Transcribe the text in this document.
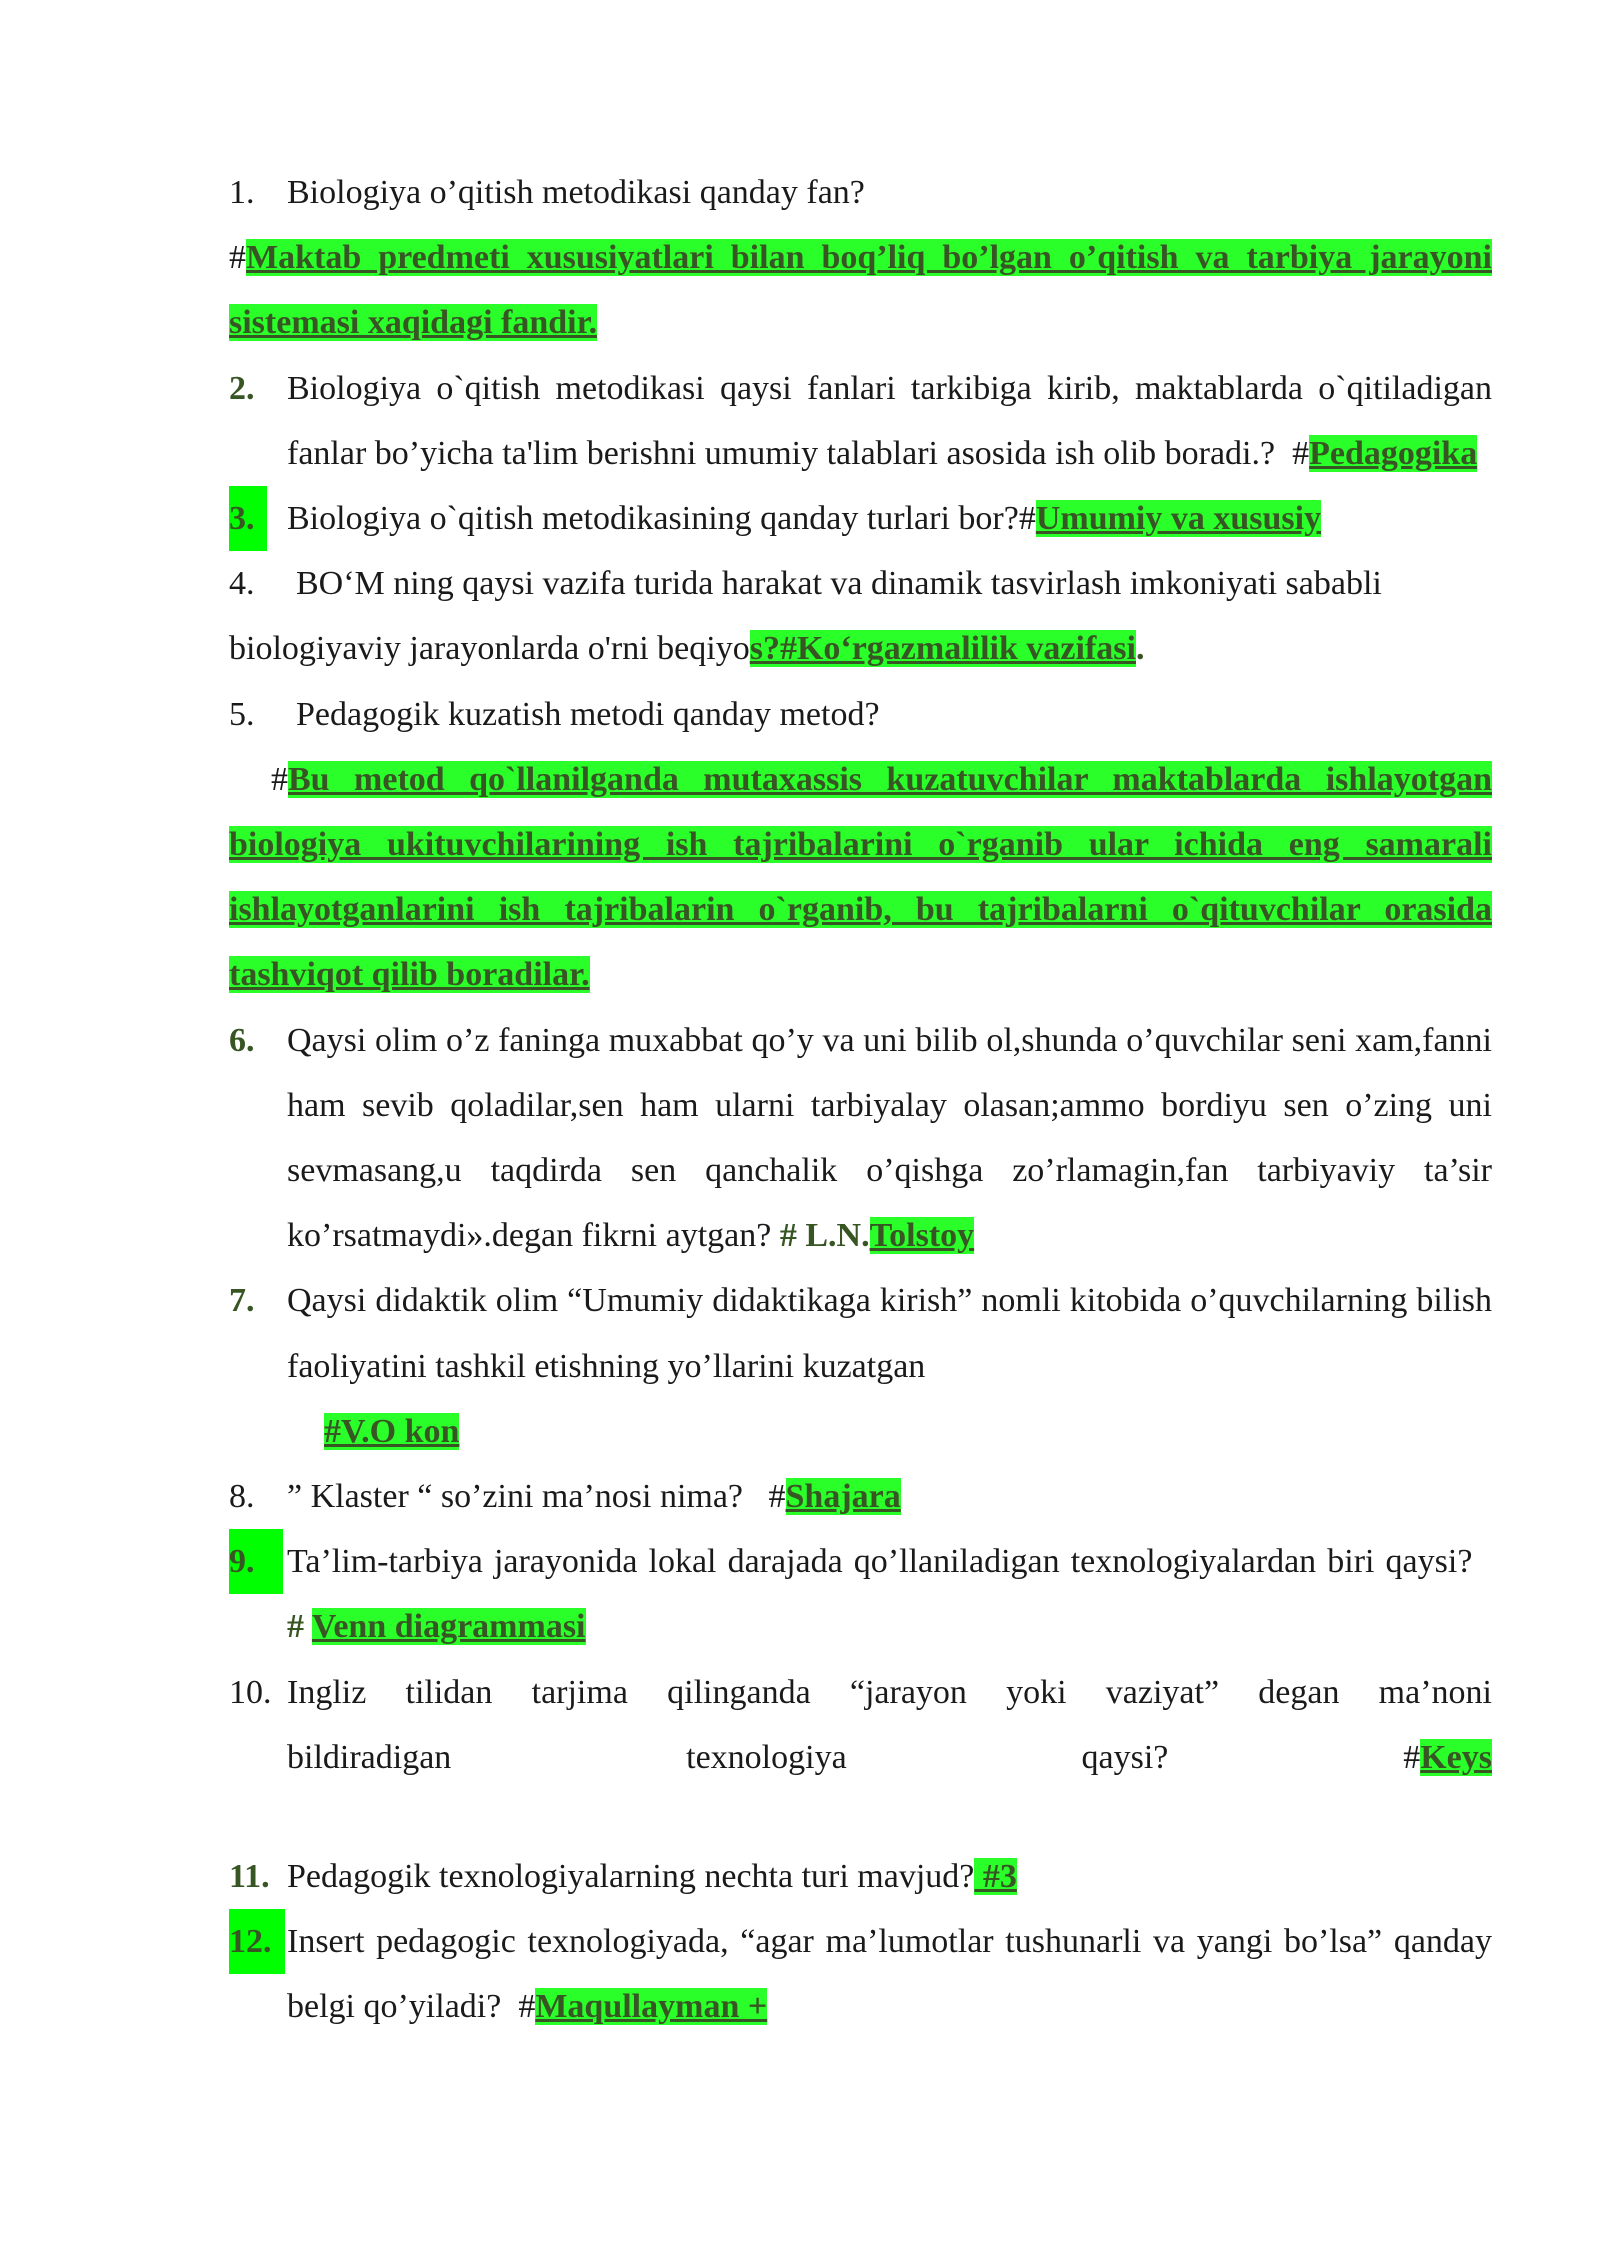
1. Biologiya o’qitish metodikasi qanday fan?
#Maktab predmeti xususiyatlari bilan boq’liq bo’lgan o’qitish va tarbiya jarayoni sistemasi xaqidagi fandir.
2. Biologiya o`qitish metodikasi qaysi fanlari tarkibiga kirib, maktablarda o`qitiladigan fanlar bo’yicha ta'lim berishni umumiy talablari asosida ish olib boradi.? #Pedagogika
3. Biologiya o`qitish metodikasining qanday turlari bor?#Umumiy va xususiy
4. BO‘M ning qaysi vazifa turida harakat va dinamik tasvirlash imkoniyati sababli biologiyaviy jarayonlarda o'rni beqiyos?#Ko‘rgazmalilik vazifasi.
5. Pedagogik kuzatish metodi qanday metod?
#Bu metod qo`llanilganda mutaxassis kuzatuvchilar maktablarda ishlayotgan biologiya ukituvchilarining ish tajribalarini o`rganib ular ichida eng samarali ishlayotganlarini ish tajribalarin o`rganib, bu tajribalarni o`qituvchilar orasida tashviqot qilib boradilar.
6. Qaysi olim o’z faninga muxabbat qo’y va uni bilib ol,shunda o’quvchilar seni xam,fanni ham sevib qoladilar,sen ham ularni tarbiyalay olasan;ammo bordiyu sen o’zing uni sevmasang,u taqdirda sen qanchalik o’qishga zo’rlamagin,fan tarbiyaviy ta’sir ko’rsatmaydi».degan fikrni aytgan? # L.N.Tolstoy
7. Qaysi didaktik olim “Umumiy didaktikaga kirish” nomli kitobida o’quvchilarning bilish faoliyatini tashkil etishning yo’llarini kuzatgan
#V.O kon
8. ” Klaster “ so’zini ma’nosi nima? #Shajara
9. Ta’lim-tarbiya jarayonida lokal darajada qo’llaniladigan texnologiyalardan biri qaysi?   # Venn diagrammasi
10. Ingliz tilidan tarjima qilinganda “jarayon yoki vaziyat” degan ma’noni
bildiradigan	texnologiya	qaysi?	#Keys
11. Pedagogik texnologiyalarning nechta turi mavjud? #3
12. Insert pedagogic texnologiyada, “agar ma’lumotlar tushunarli va yangi bo’lsa” qanday belgi qo’yiladi? #Maqullayman +
